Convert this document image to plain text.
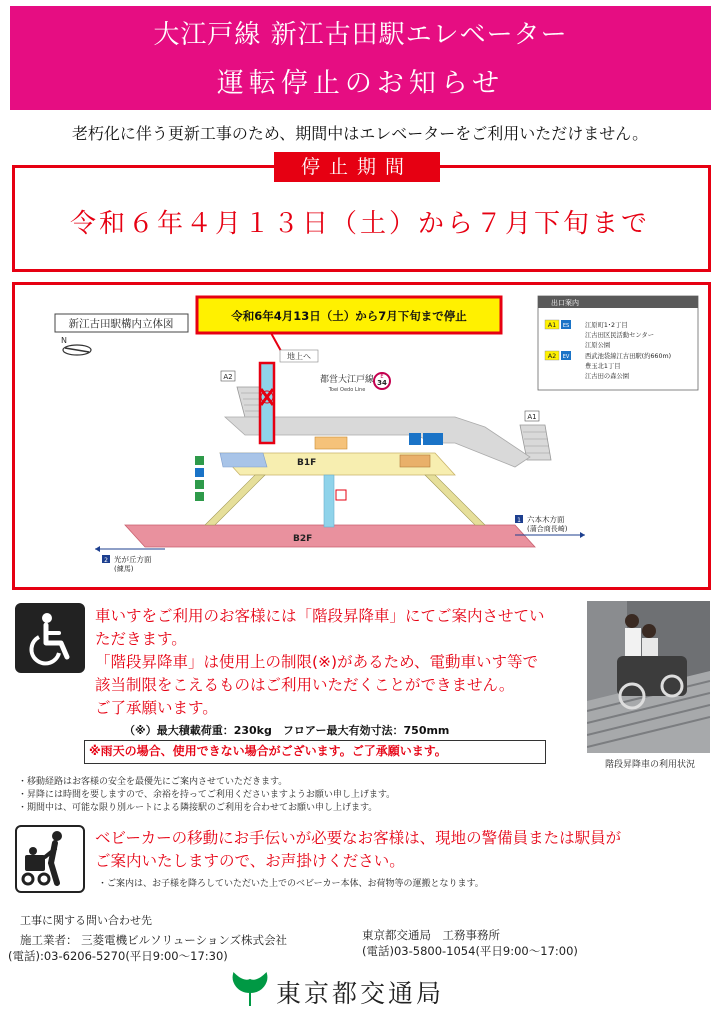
大江戸線 新江古田駅エレベーター
運転停止のお知らせ
老朽化に伴う更新工事のため、期間中はエレベーターをご利用いただけません。
停止期間
令和６年４月１３日（土）から７月下旬まで
新江古田駅構内立体図
N
令和6年4月13日（土）から7月下旬まで停止
地上へ
都営大江戸線
Toei Oedo Line
E
34
A2
A1
B1F
B2F
1 六本木方面
(蒲合商長崎)
2 光が丘方面
(練馬)
出口案内
A1 ES	江原町1･2丁目
江古田区民活動センター
江原公園
A2 EV 西武池袋線江古田駅(約660m)
豊玉北1丁目
江古田の森公園
車いすをご利用のお客様には「階段昇降車」にてご案内させてい
ただきます。
「階段昇降車」は使用上の制限(※)があるため、電動車いす等で
該当制限をこえるものはご利用いただくことができません。
ご了承願います。
（※）最大積載荷重：230kg　フロアー最大有効寸法：750mm
※雨天の場合、使用できない場合がございます。ご了承願います。
階段昇降車の利用状況
・移動経路はお客様の安全を最優先にご案内させていただきます。
・昇降には時間を要しますので、余裕を持ってご利用くださいますようお願い申し上げます。
・期間中は、可能な限り別ルートによる隣接駅のご利用を合わせてお願い申し上げます。
ベビーカーの移動にお手伝いが必要なお客様は、現地の警備員または駅員が
ご案内いたしますので、お声掛けください。
・ご案内は、お子様を降ろしていただいた上でのベビーカー本体、お荷物等の運搬となります。
工事に関する問い合わせ先
施工業者： 三菱電機ビルソリューションズ株式会社
(電話):03-6206-5270(平日9:00～17:30)
東京都交通局　工務事務所
(電話)03-5800-1054(平日9:00～17:00)
東京都交通局
